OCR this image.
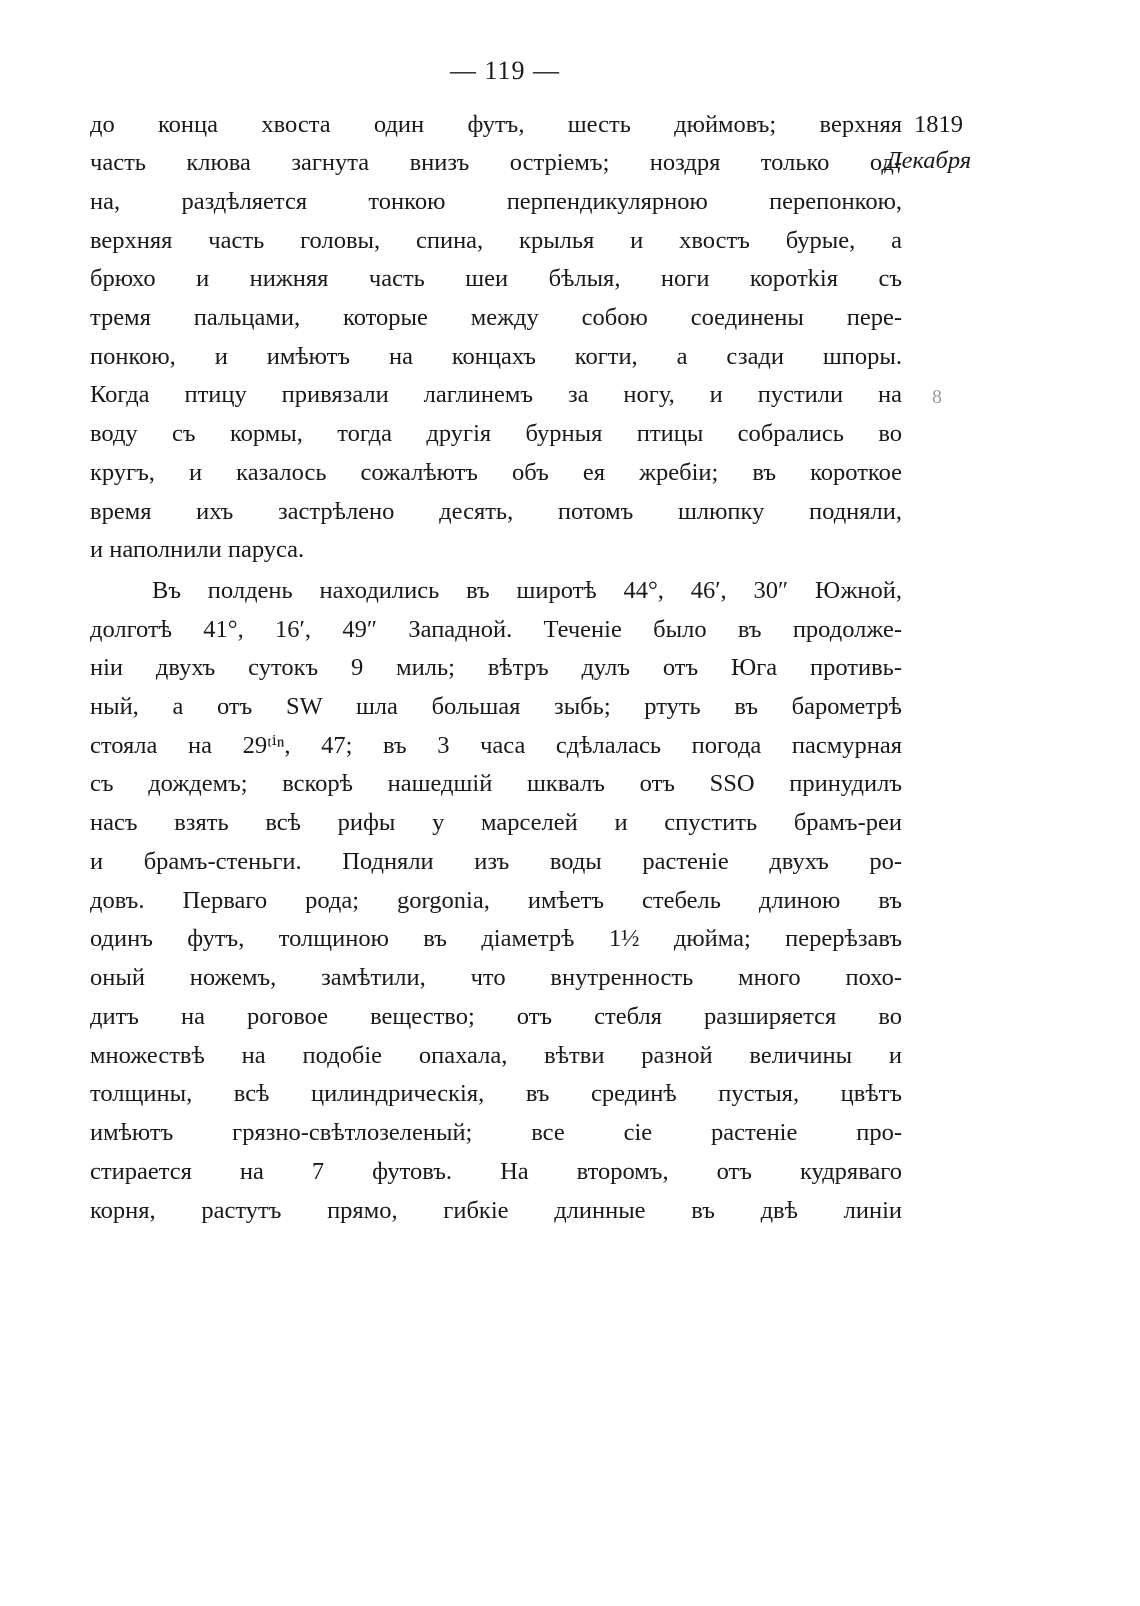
— 119 —
1819
Декабря
8
до конца хвоста один футъ, шесть дюймовъ; верхняя
часть клюва загнута внизъ остріемъ; ноздря только од-
на, раздѣляется тонкою перпендикулярною перепонкою,
верхняя часть головы, спина, крылья и хвостъ бурые, а
брюхо и нижняя часть шеи бѣлыя, ноги коротkія съ
тремя пальцами, которые между собою соединены пере-
понкою, и имѣютъ на концахъ когти, а сзади шпоры.
Когда птицу привязали лаглинемъ за ногу, и пустили на
воду съ кормы, тогда другія бурныя птицы собрались во
кругъ, и казалось сожалѣютъ объ ея жребіи; въ короткое
время ихъ застрѣлено десять, потомъ шлюпку подняли,
и наполнили паруса.
Въ полдень находились въ широтѣ 44°, 46′, 30″ Южной,
долготѣ 41°, 16′, 49″ Западной. Теченіе было въ продолже-
ніи двухъ сутокъ 9 миль; вѣтръ дулъ отъ Юга противь-
ный, а отъ SW шла большая зыбь; ртуть въ барометрѣ
стояла на 29ᵗⁱⁿ, 47; въ 3 часа сдѣлалась погода пасмурная
съ дождемъ; вскорѣ нашедшій шквалъ отъ SSO принудилъ
насъ взять всѣ рифы у марселей и спустить брамъ-реи
и брамъ-стеньги. Подняли изъ воды растеніе двухъ ро-
довъ. Перваго рода; gorgonia, имѣетъ стебель длиною въ
одинъ футъ, толщиною въ діаметрѣ 1½ дюйма; перерѣзавъ
оный ножемъ, замѣтили, что внутренность много похо-
дитъ на роговое вещество; отъ стебля разширяется во
множествѣ на подобіе опахала, вѣтви разной величины и
толщины, всѣ цилиндрическія, въ срединѣ пустыя, цвѣтъ
имѣютъ грязно-свѣтлозеленый; все сіе растеніе про-
стирается на 7 футовъ. На второмъ, отъ кудряваго
корня, растутъ прямо, гибкіе длинные въ двѣ линіи
